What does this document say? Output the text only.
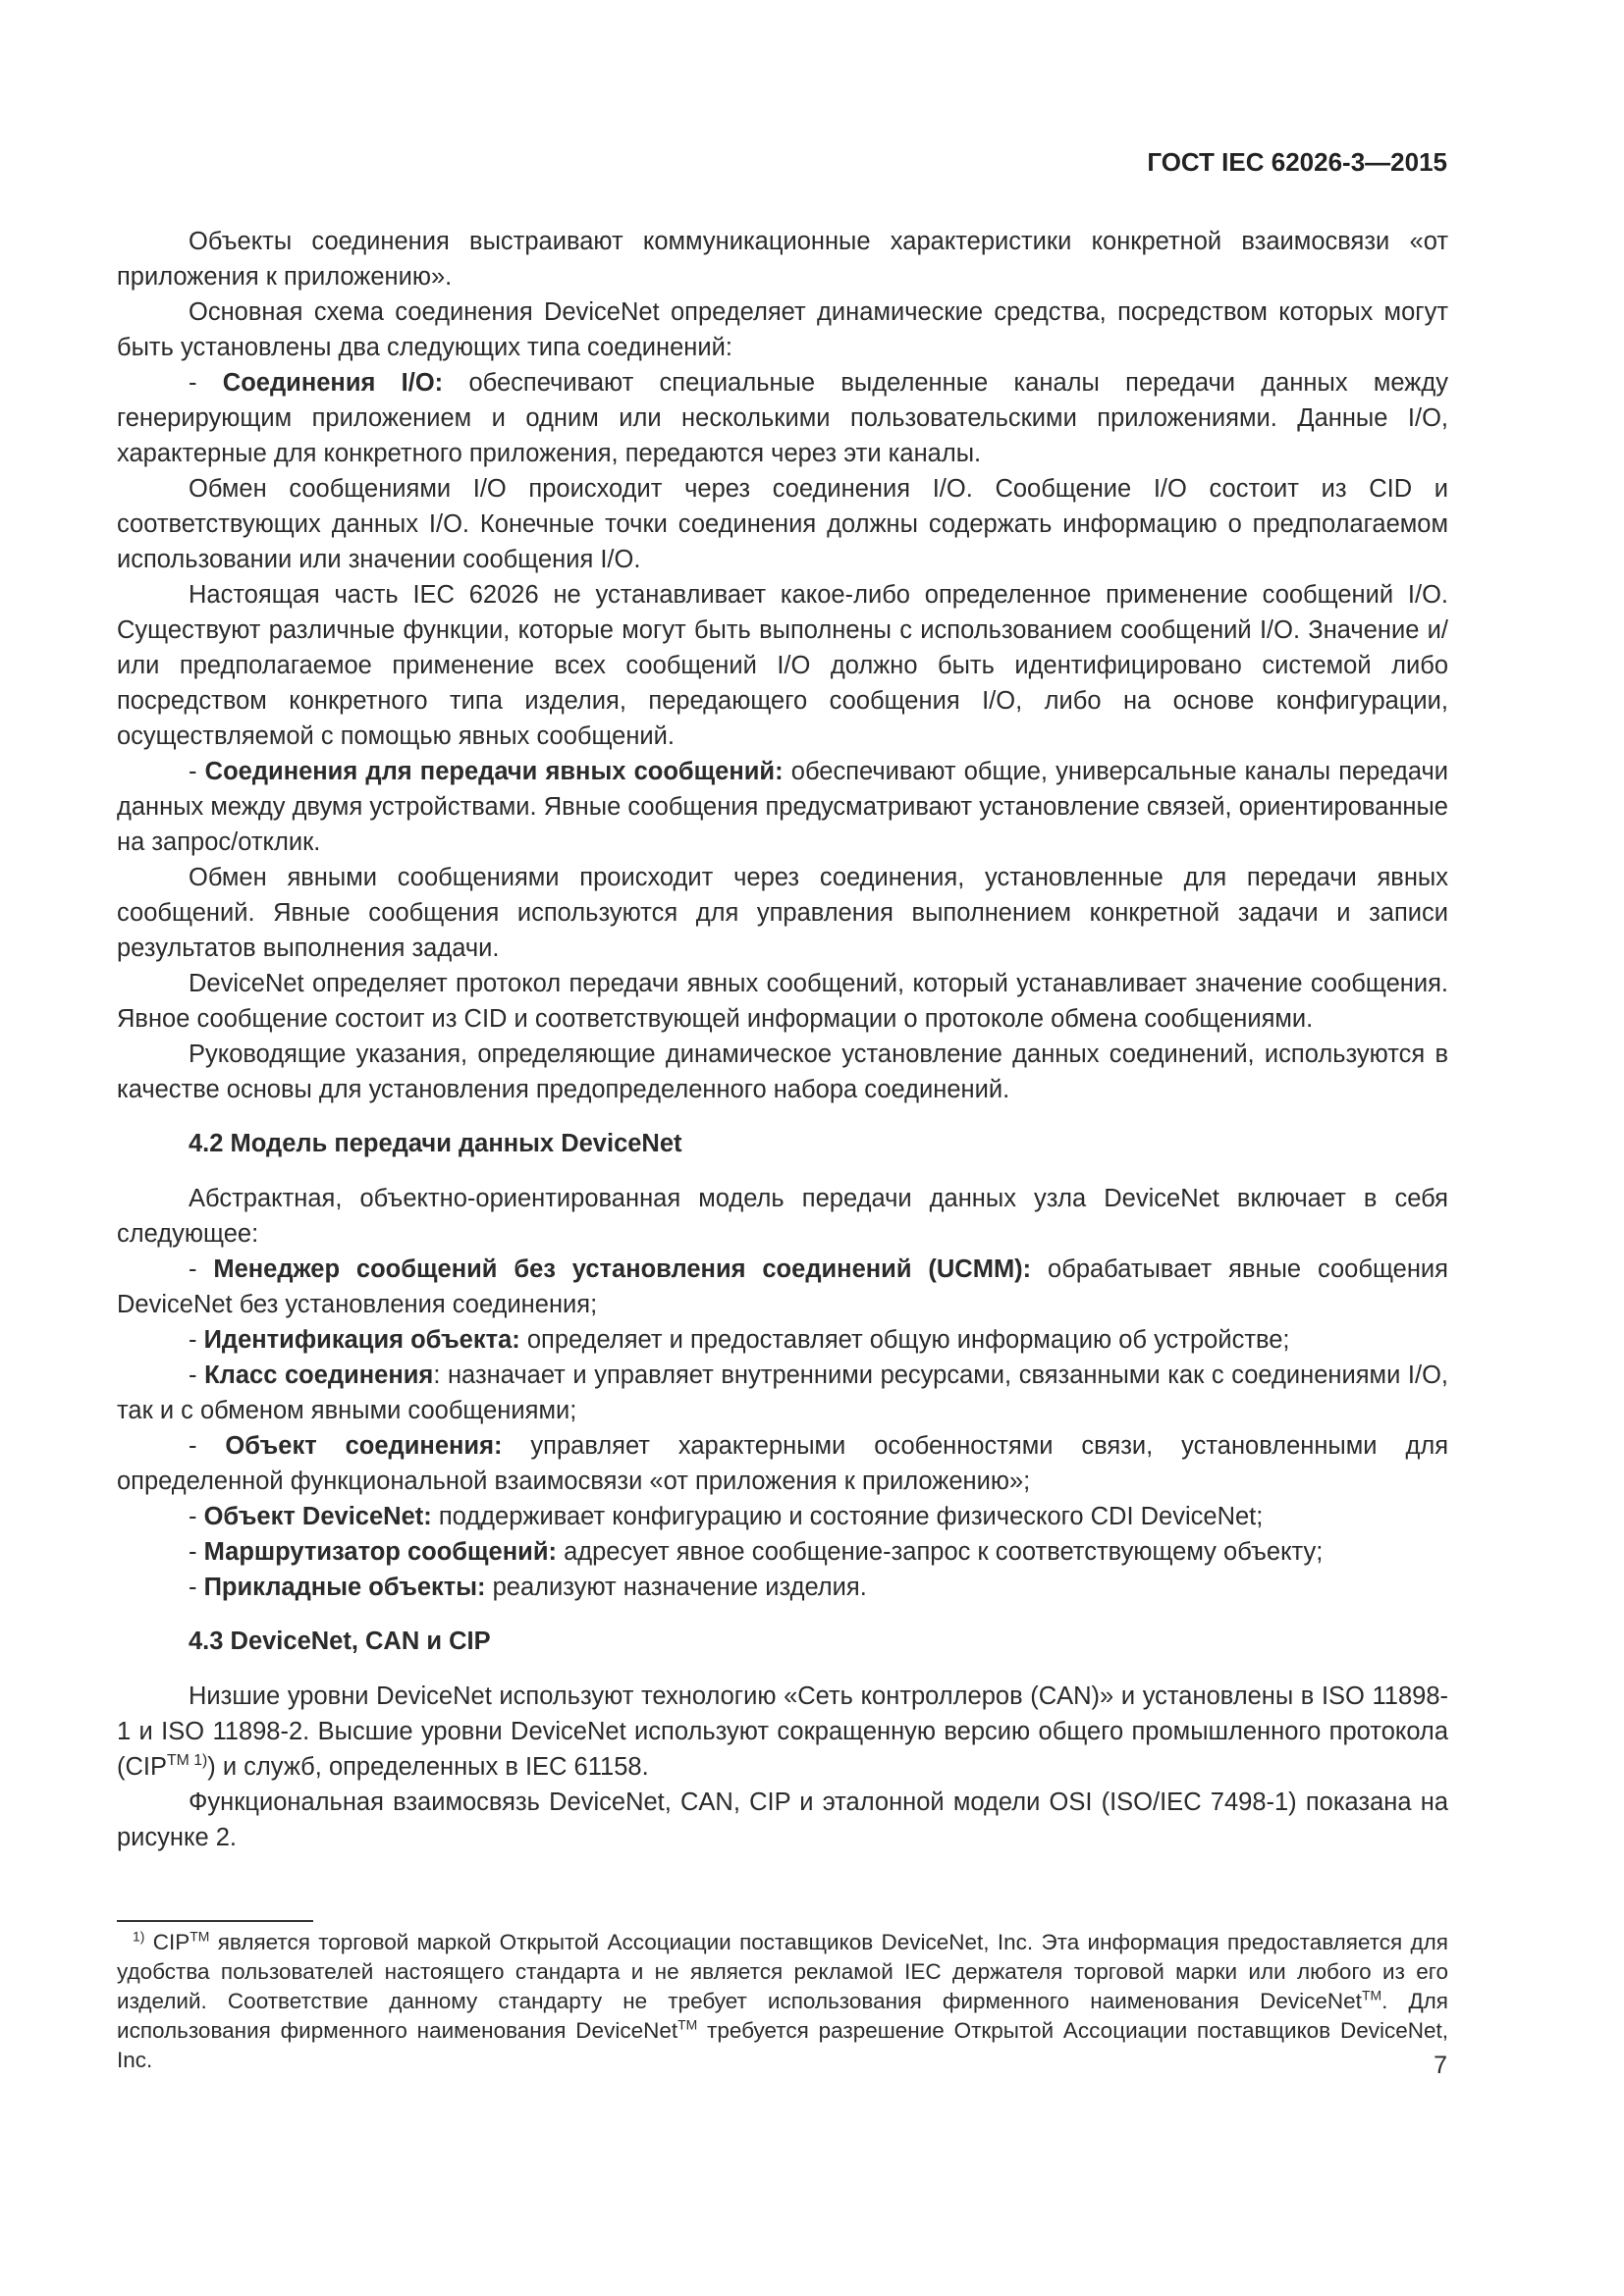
ГОСТ IEC 62026-3—2015

Объекты соединения выстраивают коммуникационные характеристики конкретной взаимосвязи «от приложения к приложению».

Основная схема соединения DeviceNet определяет динамические средства, посредством которых могут быть установлены два следующих типа соединений:

- Соединения I/O: обеспечивают специальные выделенные каналы передачи данных между генерирующим приложением и одним или несколькими пользовательскими приложениями. Данные I/O, характерные для конкретного приложения, передаются через эти каналы.

Обмен сообщениями I/O происходит через соединения I/O. Сообщение I/O состоит из CID и соответствующих данных I/O. Конечные точки соединения должны содержать информацию о предполагаемом использовании или значении сообщения I/O.

Настоящая часть IEC 62026 не устанавливает какое-либо определенное применение сообщений I/O. Существуют различные функции, которые могут быть выполнены с использованием сообщений I/O. Значение и/или предполагаемое применение всех сообщений I/O должно быть идентифицировано системой либо посредством конкретного типа изделия, передающего сообщения I/O, либо на основе конфигурации, осуществляемой с помощью явных сообщений.

- Соединения для передачи явных сообщений: обеспечивают общие, универсальные каналы передачи данных между двумя устройствами. Явные сообщения предусматривают установление связей, ориентированные на запрос/отклик.

Обмен явными сообщениями происходит через соединения, установленные для передачи явных сообщений. Явные сообщения используются для управления выполнением конкретной задачи и записи результатов выполнения задачи.

DeviceNet определяет протокол передачи явных сообщений, который устанавливает значение сообщения. Явное сообщение состоит из CID и соответствующей информации о протоколе обмена сообщениями.

Руководящие указания, определяющие динамическое установление данных соединений, используются в качестве основы для установления предопределенного набора соединений.

4.2 Модель передачи данных DeviceNet

Абстрактная, объектно-ориентированная модель передачи данных узла DeviceNet включает в себя следующее:

- Менеджер сообщений без установления соединений (UCMM): обрабатывает явные сообщения DeviceNet без установления соединения;

- Идентификация объекта: определяет и предоставляет общую информацию об устройстве;

- Класс соединения: назначает и управляет внутренними ресурсами, связанными как с соединениями I/O, так и с обменом явными сообщениями;

- Объект соединения: управляет характерными особенностями связи, установленными для определенной функциональной взаимосвязи «от приложения к приложению»;

- Объект DeviceNet: поддерживает конфигурацию и состояние физического CDI DeviceNet;

- Маршрутизатор сообщений: адресует явное сообщение-запрос к соответствующему объекту;

- Прикладные объекты: реализуют назначение изделия.

4.3 DeviceNet, CAN и CIP

Низшие уровни DeviceNet используют технологию «Сеть контроллеров (CAN)» и установлены в ISO 11898-1 и ISO 11898-2. Высшие уровни DeviceNet используют сокращенную версию общего промышленного протокола $(CIP^{TM 1)})$ и служб, определенных в IEC 61158.

Функциональная взаимосвязь DeviceNet, CAN, CIP и эталонной модели OSI (ISO/IEC 7498-1) показана на рисунке 2.

$^{1)}$ CIP™ является торговой маркой Открытой Ассоциации поставщиков DeviceNet, Inc. Эта информация предоставляется для удобства пользователей настоящего стандарта и не является рекламой IEC держателя торговой марки или любого из его изделий. Соответствие данному стандарту не требует использования фирменного наименования DeviceNet™. Для использования фирменного наименования DeviceNet™ требуется разрешение Открытой Ассоциации поставщиков DeviceNet, Inc.	7
